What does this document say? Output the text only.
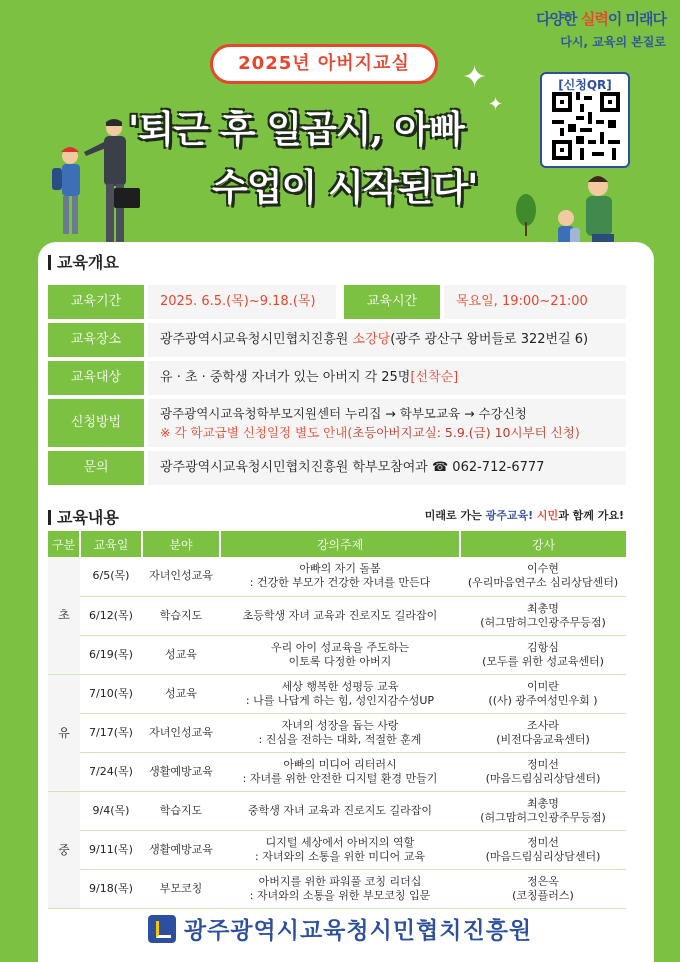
다양한 실력이 미래다
다시, 교육의 본질로
2025년 아버지교실	✦
✦
'퇴근 후 일곱시, 아빠
수업이 시작된다'
[신청QR]
교육개요
교육기간	2025. 6.5.(목)~9.18.(목)	교육시간	목요일, 19:00~21:00
교육장소	광주광역시교육청시민협치진흥원 소강당(광주 광산구 왕버들로 322번길 6)
교육대상	유 · 초 · 중학생 자녀가 있는 아버지 각 25명[선착순]
신청방법
광주광역시교육청학부모지원센터 누리집 → 학부모교육 → 수강신청
※ 각 학교급별 신청일정 별도 안내(초등아버지교실: 5.9.(금) 10시부터 신청)
문의	광주광역시교육청시민협치진흥원 학부모참여과 ☎ 062-712-6777
교육내용	미래로 가는 광주교육! 시민과 함께 가요!
구분	교육일	분야	강의주제	강사
초	6/5(목)	자녀인성교육	아빠의 자기 돌봄
: 건강한 부모가 건강한 자녀를 만든다	이수현
(우리마음연구소 심리상담센터)

	6/12(목)	학습지도	초등학생 자녀 교육과 진로지도 길라잡이	최총명
(허그맘허그인광주무등점)

	6/19(목)	성교육	우리 아이 성교육을 주도하는
이토록 다정한 아버지	김항심
(모두를 위한 성교육센터)

유	7/10(목)	성교육	세상 행복한 성평등 교육
: 나를 나답게 하는 힘, 성인지감수성UP	이미란
((사) 광주여성민우회 )

	7/17(목)	자녀인성교육	자녀의 성장을 돕는 사랑
: 진심을 전하는 대화, 적절한 훈계	조사라
(비전다움교육센터)

	7/24(목)	생활예방교육	아빠의 미디어 리터러시
: 자녀를 위한 안전한 디지털 환경 만들기	정미선
(마음드림심리상담센터)

중	9/4(목)	학습지도	중학생 자녀 교육과 진로지도 길라잡이	최총명
(허그맘허그인광주무등점)

	9/11(목)	생활예방교육	디지털 세상에서 아버지의 역할
: 자녀와의 소통을 위한 미디어 교육	정미선
(마음드림심리상담센터)

	9/18(목)	부모코칭	아버지를 위한 파워풀 코칭 리더십
: 자녀와의 소통을 위한 부모코칭 입문	정은옥
(코칭플러스)
광주광역시교육청시민협치진흥원
